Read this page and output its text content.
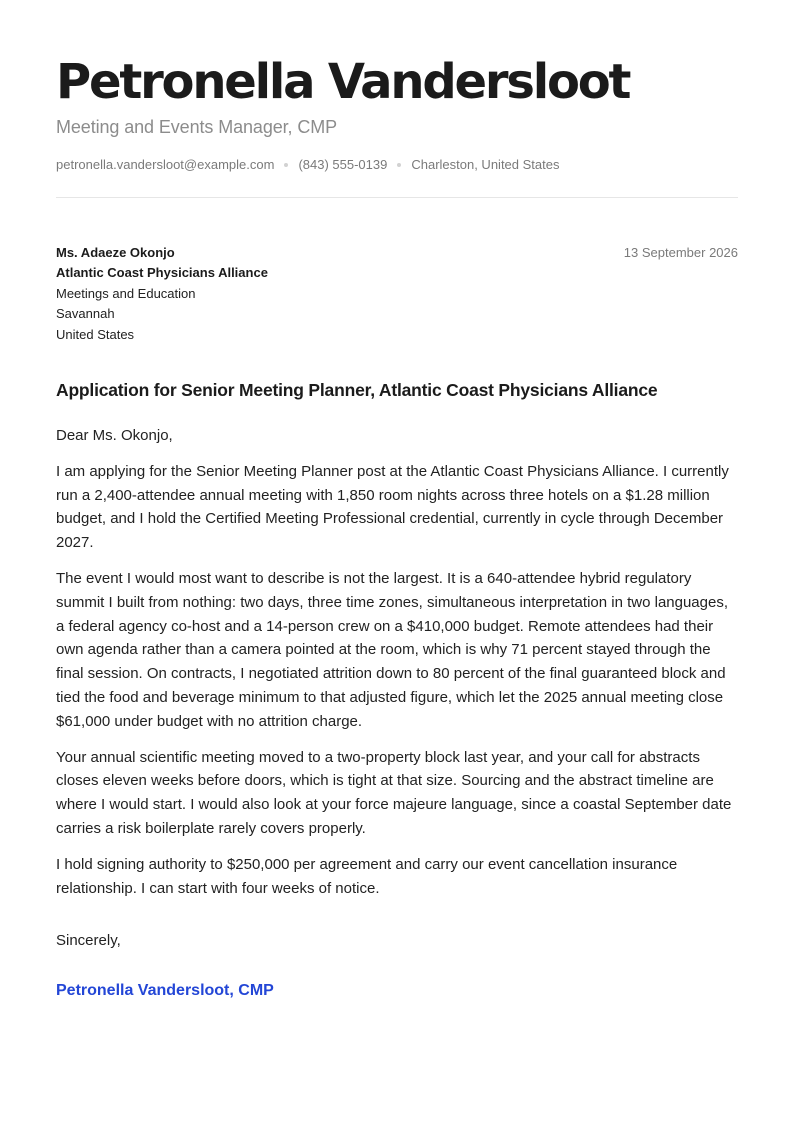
Petronella Vandersloot
Meeting and Events Manager, CMP
petronella.vandersloot@example.com (843) 555-0139 Charleston, United States
Ms. Adaeze Okonjo
Atlantic Coast Physicians Alliance
Meetings and Education
Savannah
United States
13 September 2026
Application for Senior Meeting Planner, Atlantic Coast Physicians Alliance
Dear Ms. Okonjo,

I am applying for the Senior Meeting Planner post at the Atlantic Coast Physicians Alliance. I currently run a 2,400-attendee annual meeting with 1,850 room nights across three hotels on a $1.28 million budget, and I hold the Certified Meeting Professional credential, currently in cycle through December 2027.

The event I would most want to describe is not the largest. It is a 640-attendee hybrid regulatory summit I built from nothing: two days, three time zones, simultaneous interpretation in two languages, a federal agency co-host and a 14-person crew on a $410,000 budget. Remote attendees had their own agenda rather than a camera pointed at the room, which is why 71 percent stayed through the final session. On contracts, I negotiated attrition down to 80 percent of the final guaranteed block and tied the food and beverage minimum to that adjusted figure, which let the 2025 annual meeting close $61,000 under budget with no attrition charge.

Your annual scientific meeting moved to a two-property block last year, and your call for abstracts closes eleven weeks before doors, which is tight at that size. Sourcing and the abstract timeline are where I would start. I would also look at your force majeure language, since a coastal September date carries a risk boilerplate rarely covers properly.

I hold signing authority to $250,000 per agreement and carry our event cancellation insurance relationship. I can start with four weeks of notice.

Sincerely,
Petronella Vandersloot, CMP
